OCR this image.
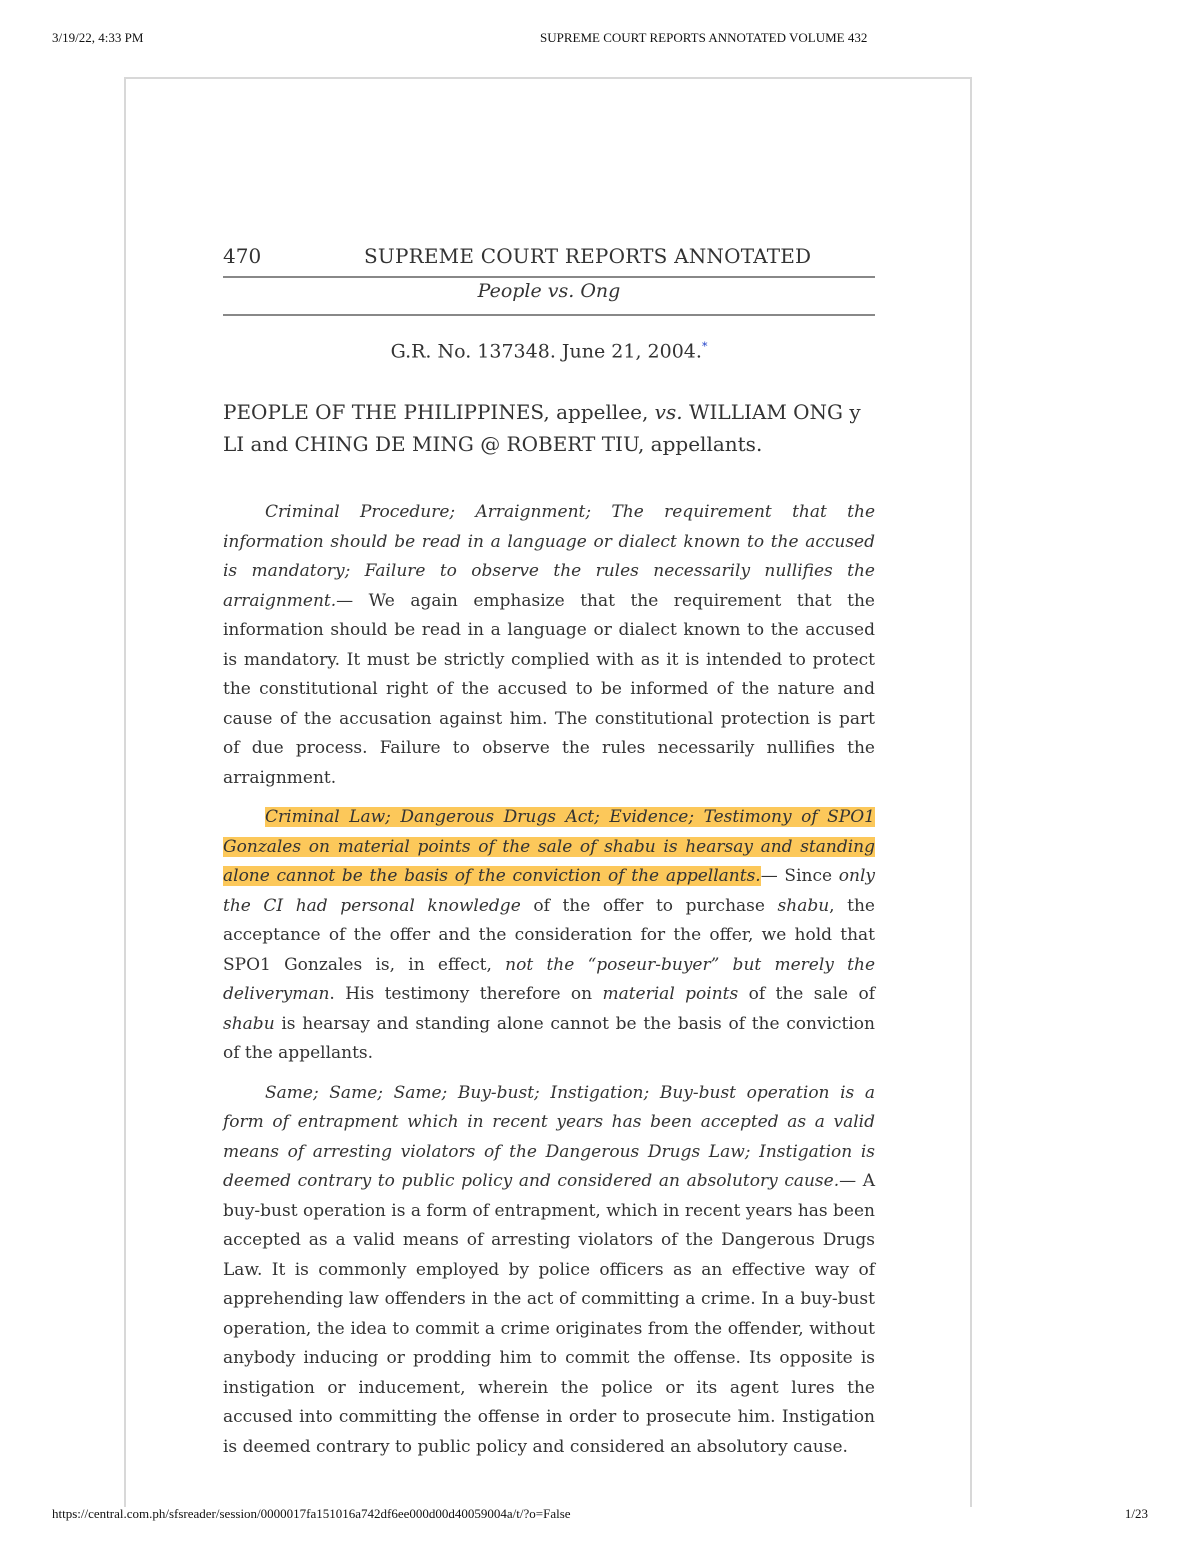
3/19/22, 4:33 PM	SUPREME COURT REPORTS ANNOTATED VOLUME 432
470	SUPREME COURT REPORTS ANNOTATED
People vs. Ong
G.R. No. 137348. June 21, 2004.*
PEOPLE OF THE PHILIPPINES, appellee, vs. WILLIAM ONG y LI and CHING DE MING @ ROBERT TIU, appellants.

Criminal Procedure; Arraignment; The requirement that the information should be read in a language or dialect known to the accused is mandatory; Failure to observe the rules necessarily nullifies the arraignment.— We again emphasize that the requirement that the information should be read in a language or dialect known to the accused is mandatory. It must be strictly complied with as it is intended to protect the constitutional right of the accused to be informed of the nature and cause of the accusation against him. The constitutional protection is part of due process. Failure to observe the rules necessarily nullifies the arraignment.

Criminal Law; Dangerous Drugs Act; Evidence; Testimony of SPO1 Gonzales on material points of the sale of shabu is hearsay and standing alone cannot be the basis of the conviction of the appellants.— Since only the CI had personal knowledge of the offer to purchase shabu, the acceptance of the offer and the consideration for the offer, we hold that SPO1 Gonzales is, in effect, not the “poseur-buyer” but merely the deliveryman. His testimony therefore on material points of the sale of shabu is hearsay and standing alone cannot be the basis of the conviction of the appellants.

Same; Same; Same; Buy-bust; Instigation; Buy-bust operation is a form of entrapment which in recent years has been accepted as a valid means of arresting violators of the Dangerous Drugs Law; Instigation is deemed contrary to public policy and considered an absolutory cause.— A buy-bust operation is a form of entrapment, which in recent years has been accepted as a valid means of arresting violators of the Dangerous Drugs Law. It is commonly employed by police officers as an effective way of apprehending law offenders in the act of committing a crime. In a buy-bust operation, the idea to commit a crime originates from the offender, without anybody inducing or prodding him to commit the offense. Its opposite is instigation or inducement, wherein the police or its agent lures the accused into committing the offense in order to prosecute him. Instigation is deemed contrary to public policy and considered an absolutory cause.

https://central.com.ph/sfsreader/session/0000017fa151016a742df6ee000d00d40059004a/t/?o=False	1/23
